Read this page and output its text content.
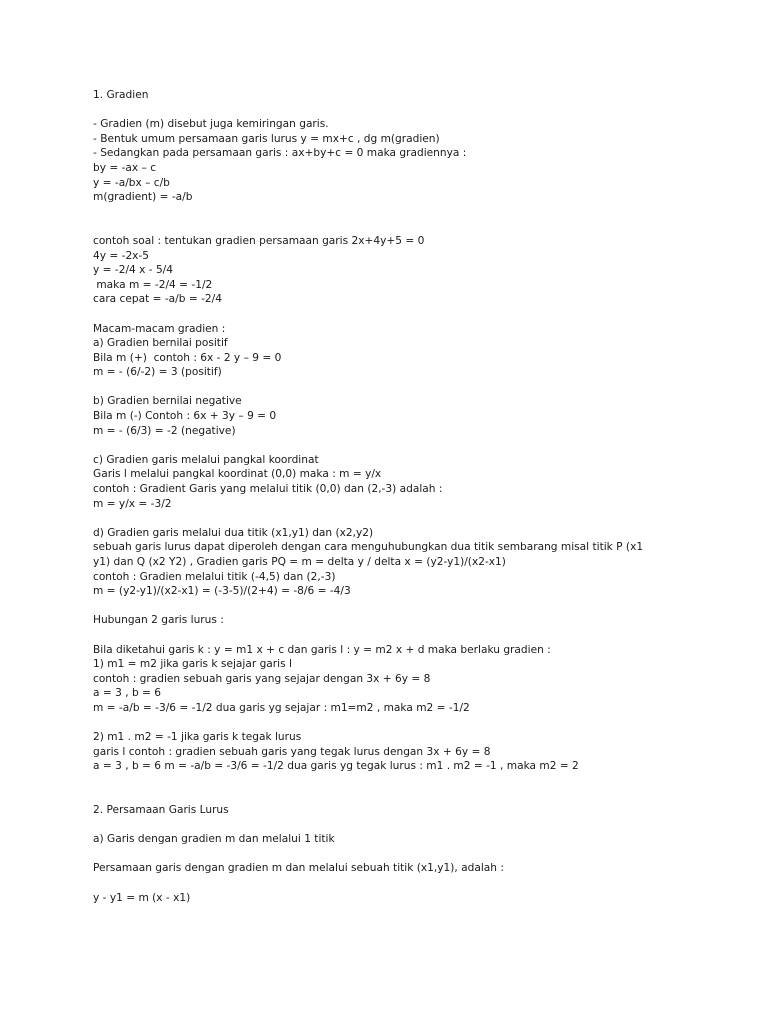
1. Gradien

- Gradien (m) disebut juga kemiringan garis.

- Bentuk umum persamaan garis lurus y = mx+c , dg m(gradien)

- Sedangkan pada persamaan garis : ax+by+c = 0 maka gradiennya :

by = -ax – c

y = -a/bx – c/b

m(gradient) = -a/b

contoh soal : tentukan gradien persamaan garis 2x+4y+5 = 0

4y = -2x-5

y = -2/4 x - 5/4

maka m = -2/4 = -1/2

cara cepat = -a/b = -2/4

Macam-macam gradien :

a) Gradien bernilai positif

Bila m (+)  contoh : 6x - 2 y – 9 = 0

m = - (6/-2) = 3 (positif)

b) Gradien bernilai negative

Bila m (-) Contoh : 6x + 3y – 9 = 0

m = - (6/3) = -2 (negative)

c) Gradien garis melalui pangkal koordinat

Garis l melalui pangkal koordinat (0,0) maka : m = y/x

contoh : Gradient Garis yang melalui titik (0,0) dan (2,-3) adalah :

m = y/x = -3/2

d) Gradien garis melalui dua titik (x1,y1) dan (x2,y2)

sebuah garis lurus dapat diperoleh dengan cara menguhubungkan dua titik sembarang misal titik P (x1

y1) dan Q (x2 Y2) , Gradien garis PQ = m = delta y / delta x = (y2-y1)/(x2-x1)

contoh : Gradien melalui titik (-4,5) dan (2,-3)

m = (y2-y1)/(x2-x1) = (-3-5)/(2+4) = -8/6 = -4/3

Hubungan 2 garis lurus :

Bila diketahui garis k : y = m1 x + c dan garis l : y = m2 x + d maka berlaku gradien :

1) m1 = m2 jika garis k sejajar garis l

contoh : gradien sebuah garis yang sejajar dengan 3x + 6y = 8

a = 3 , b = 6

m = -a/b = -3/6 = -1/2 dua garis yg sejajar : m1=m2 , maka m2 = -1/2

2) m1 . m2 = -1 jika garis k tegak lurus

garis l contoh : gradien sebuah garis yang tegak lurus dengan 3x + 6y = 8

a = 3 , b = 6 m = -a/b = -3/6 = -1/2 dua garis yg tegak lurus : m1 . m2 = -1 , maka m2 = 2

2. Persamaan Garis Lurus

a) Garis dengan gradien m dan melalui 1 titik

Persamaan garis dengan gradien m dan melalui sebuah titik (x1,y1), adalah :

y - y1 = m (x - x1)
